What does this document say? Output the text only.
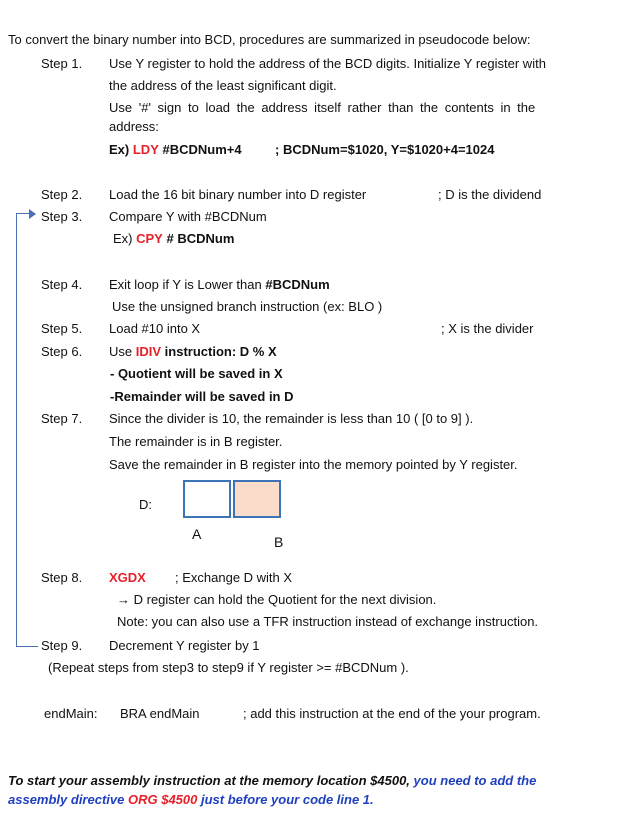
To convert the binary number into BCD, procedures are summarized in pseudocode below:
Step 1. Use Y register to hold the address of the BCD digits. Initialize Y register with
the address of the least significant digit.
Use '#' sign to load the address itself rather than the contents in the
address:
Ex) LDY #BCDNum+4	; BCDNum=$1020, Y=$1020+4=1024
Step 2. Load the 16 bit binary number into D register	; D is the dividend
Step 3. Compare Y with #BCDNum
Ex) CPY # BCDNum
Step 4. Exit loop if Y is Lower than #BCDNum
Use the unsigned branch instruction (ex: BLO )
Step 5. Load #10 into X	; X is the divider
Step 6. Use IDIV instruction: D % X
- Quotient will be saved in X
-Remainder will be saved in D
Step 7. Since the divider is 10, the remainder is less than 10 ( [0 to 9] ).
The remainder is in B register.
Save the remainder in B register into the memory pointed by Y register.
D:
A	B
Step 8. XGDX ; Exchange D with X
→ D register can hold the Quotient for the next division.
Note: you can also use a TFR instruction instead of exchange instruction.
Step 9. Decrement Y register by 1
(Repeat steps from step3 to step9 if Y register >= #BCDNum ).
endMain: BRA endMain	; add this instruction at the end of the your program.
To start your assembly instruction at the memory location $4500, you need to add the
assembly directive ORG $4500 just before your code line 1.
